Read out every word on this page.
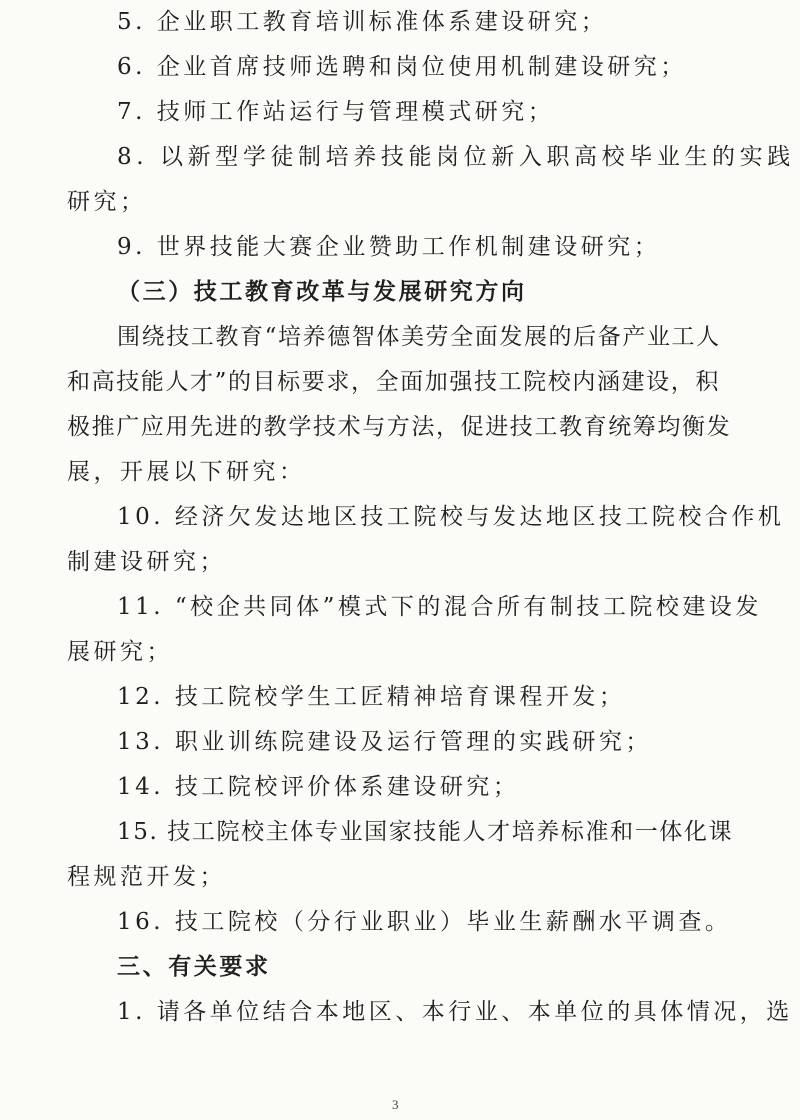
5. 企业职工教育培训标准体系建设研究；
6. 企业首席技师选聘和岗位使用机制建设研究；
7. 技师工作站运行与管理模式研究；
8. 以新型学徒制培养技能岗位新入职高校毕业生的实践
研究；
9. 世界技能大赛企业赞助工作机制建设研究；
（三）技工教育改革与发展研究方向
围绕技工教育“培养德智体美劳全面发展的后备产业工人
和高技能人才”的目标要求，全面加强技工院校内涵建设，积
极推广应用先进的教学技术与方法，促进技工教育统筹均衡发
展，开展以下研究：
10. 经济欠发达地区技工院校与发达地区技工院校合作机
制建设研究；
11. “校企共同体”模式下的混合所有制技工院校建设发
展研究；
12. 技工院校学生工匠精神培育课程开发；
13. 职业训练院建设及运行管理的实践研究；
14. 技工院校评价体系建设研究；
15. 技工院校主体专业国家技能人才培养标准和一体化课
程规范开发；
16. 技工院校（分行业职业）毕业生薪酬水平调查。
三、有关要求
1. 请各单位结合本地区、本行业、本单位的具体情况，选
3
